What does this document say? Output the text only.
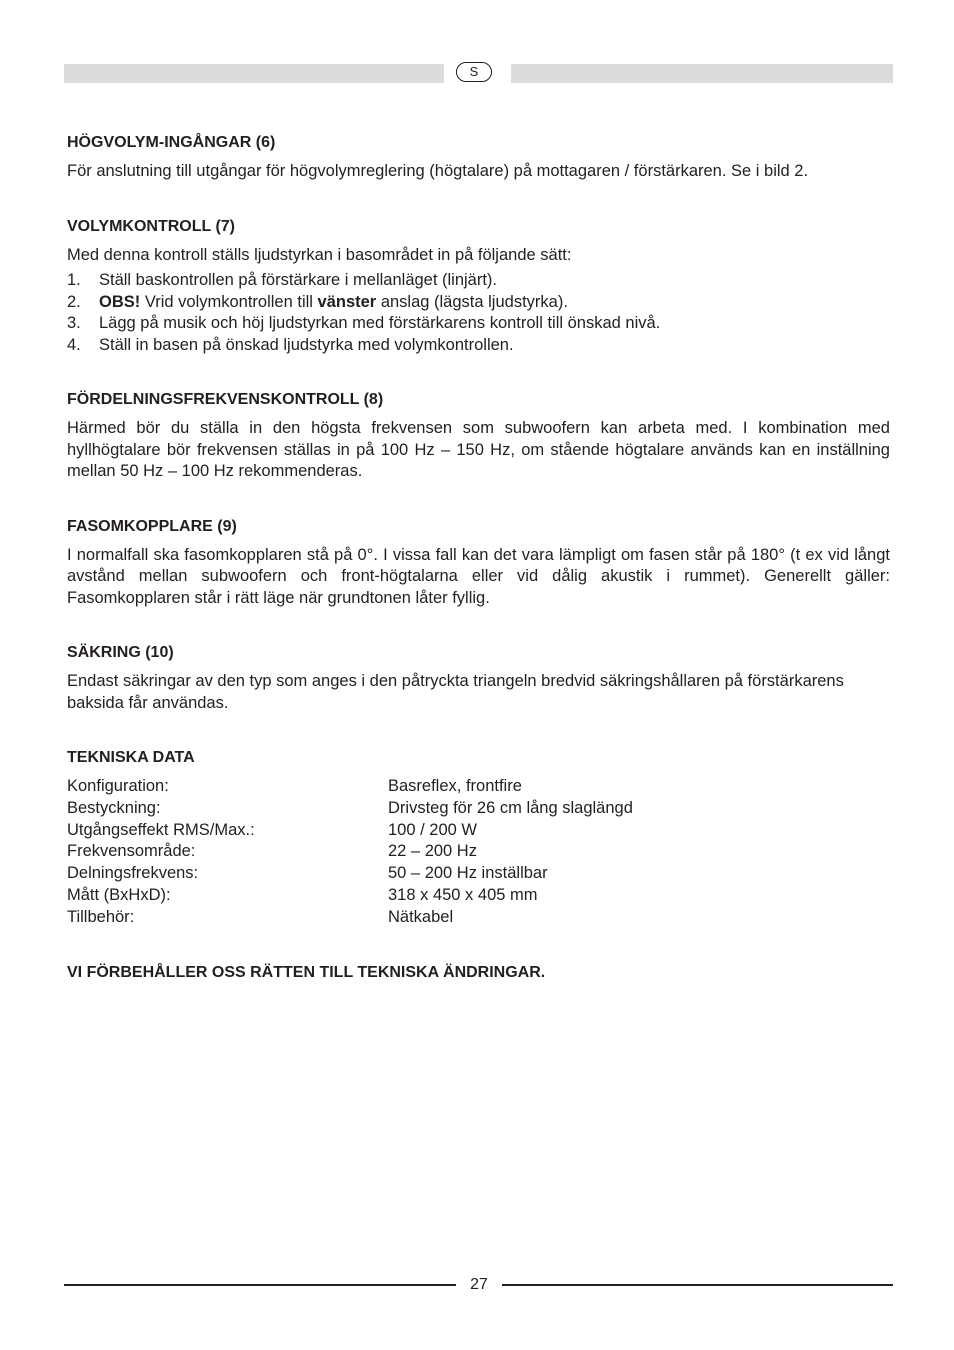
S
HÖGVOLYM-INGÅNGAR (6)

För anslutning till utgångar för högvolymreglering (högtalare) på mottagaren / förstärkaren. Se i bild 2.

VOLYMKONTROLL (7)

Med denna kontroll ställs ljudstyrkan i basområdet in på följande sätt:

1.	Ställ baskontrollen på förstärkare i mellanläget (linjärt).
2.	OBS! Vrid volymkontrollen till vänster anslag (lägsta ljudstyrka).
3.	Lägg på musik och höj ljudstyrkan med förstärkarens kontroll till önskad nivå.
4.	Ställ in basen på önskad ljudstyrka med volymkontrollen.
FÖRDELNINGSFREKVENSKONTROLL (8)

Härmed bör du ställa in den högsta frekvensen som subwoofern kan arbeta med. I kombination med hyllhögtalare bör frekvensen ställas in på 100 Hz – 150 Hz, om stående högtalare används kan en inställning mellan 50 Hz – 100 Hz rekommenderas.

FASOMKOPPLARE (9)

I normalfall ska fasomkopplaren stå på 0°. I vissa fall kan det vara lämpligt om fasen står på 180° (t ex vid långt avstånd mellan subwoofern och front-högtalarna eller vid dålig akustik i rummet). Generellt gäller: Fasomkopplaren står i rätt läge när grundtonen låter fyllig.

SÄKRING (10)

Endast säkringar av den typ som anges i den påtryckta triangeln bredvid säkringshållaren på förstärkarens baksida får användas.

TEKNISKA DATA
Konfiguration:	Basreflex, frontfire
Bestyckning:	Drivsteg för 26 cm lång slaglängd
Utgångseffekt RMS/Max.:	100 / 200 W
Frekvensområde:	22 – 200 Hz
Delningsfrekvens:	50 – 200 Hz inställbar
Mått (BxHxD):	318 x 450 x 405 mm
Tillbehör:	Nätkabel

VI FÖRBEHÅLLER OSS RÄTTEN TILL TEKNISKA ÄNDRINGAR.

27
